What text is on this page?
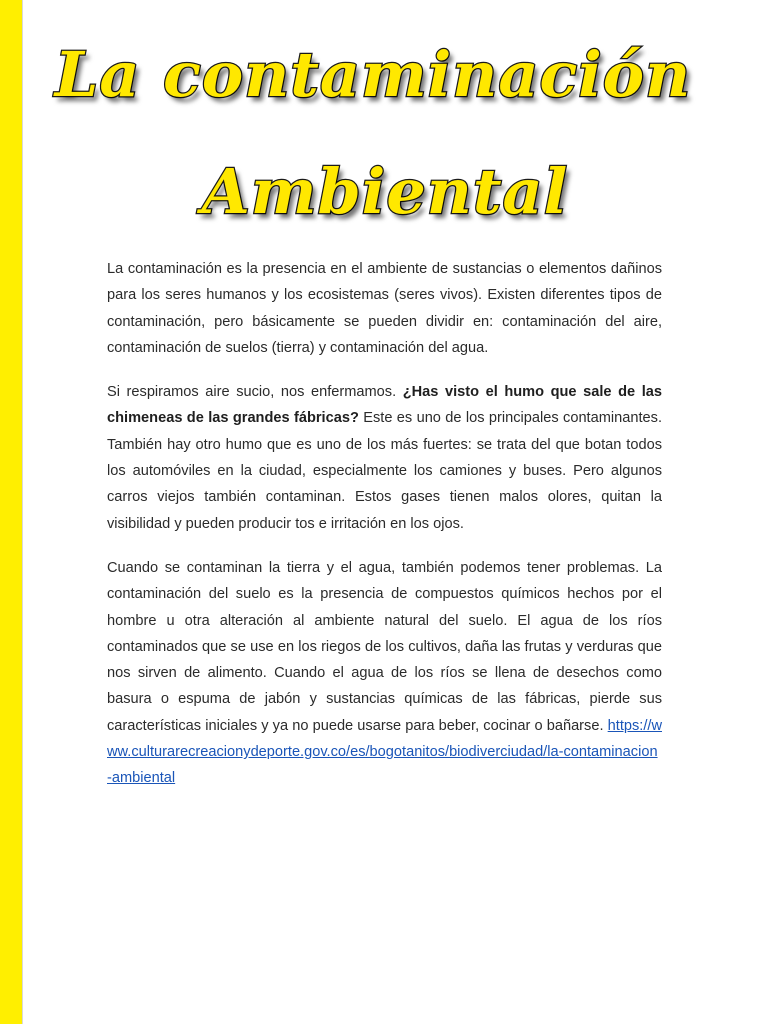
La contaminación
Ambiental

La contaminación es la presencia en el ambiente de sustancias o elementos dañinos para los seres humanos y los ecosistemas (seres vivos). Existen diferentes tipos de contaminación, pero básicamente se pueden dividir en: contaminación del aire, contaminación de suelos (tierra) y contaminación del agua.

Si respiramos aire sucio, nos enfermamos. ¿Has visto el humo que sale de las chimeneas de las grandes fábricas? Este es uno de los principales contaminantes. También hay otro humo que es uno de los más fuertes: se trata del que botan todos los automóviles en la ciudad, especialmente los camiones y buses. Pero algunos carros viejos también contaminan. Estos gases tienen malos olores, quitan la visibilidad y pueden producir tos e irritación en los ojos.

Cuando se contaminan la tierra y el agua, también podemos tener problemas. La contaminación del suelo es la presencia de compuestos químicos hechos por el hombre u otra alteración al ambiente natural del suelo. El agua de los ríos contaminados que se use en los riegos de los cultivos, daña las frutas y verduras que nos sirven de alimento. Cuando el agua de los ríos se llena de desechos como basura o espuma de jabón y sustancias químicas de las fábricas, pierde sus características iniciales y ya no puede usarse para beber, cocinar o bañarse. https://www.culturarecreacionydeporte.gov.co/es/bogotanitos/biodiverciudad/la-contaminacion-ambiental
